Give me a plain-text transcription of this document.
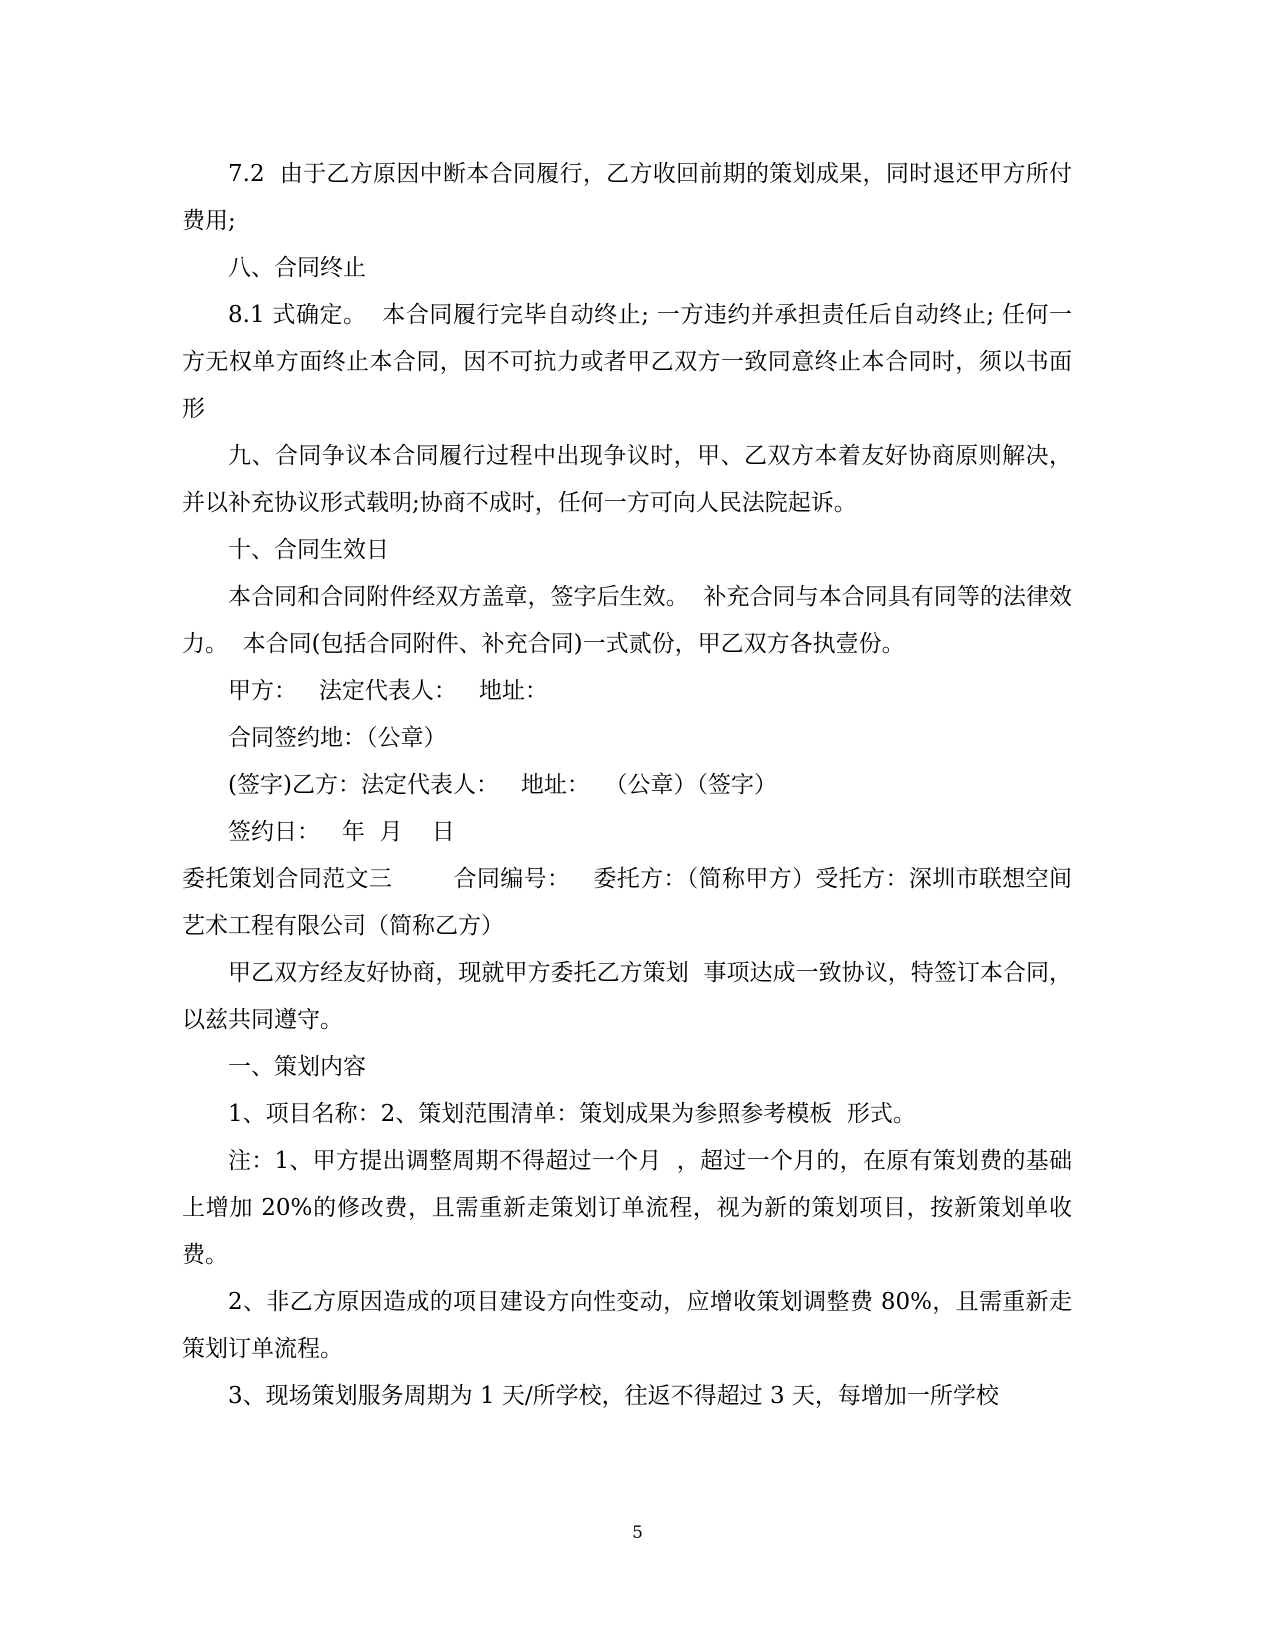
7.2  由于乙方原因中断本合同履行，乙方收回前期的策划成果，同时退还甲方所付费用;

八、合同终止

8.1 式确定。  本合同履行完毕自动终止; 一方违约并承担责任后自动终止; 任何一方无权单方面终止本合同，因不可抗力或者甲乙双方一致同意终止本合同时，须以书面形

九、合同争议本合同履行过程中出现争议时，甲、乙双方本着友好协商原则解决，并以补充协议形式载明;协商不成时，任何一方可向人民法院起诉。

十、合同生效日

本合同和合同附件经双方盖章，签字后生效。  补充合同与本合同具有同等的法律效力。  本合同(包括合同附件、补充合同)一式贰份，甲乙双方各执壹份。

甲方：   法定代表人：   地址：

合同签约地：（公章）

(签字)乙方：法定代表人：   地址：  （公章）（签字）

签约日：   年  月    日

委托策划合同范文三        合同编号：   委托方：（简称甲方）受托方：深圳市联想空间艺术工程有限公司（简称乙方）

甲乙双方经友好协商，现就甲方委托乙方策划  事项达成一致协议，特签订本合同，以兹共同遵守。

一、策划内容

1、项目名称：2、策划范围清单：策划成果为参照参考模板  形式。

注：1、甲方提出调整周期不得超过一个月  ，超过一个月的，在原有策划费的基础上增加 20%的修改费，且需重新走策划订单流程，视为新的策划项目，按新策划单收费。

2、非乙方原因造成的项目建设方向性变动，应增收策划调整费 80%，且需重新走策划订单流程。

3、现场策划服务周期为 1 天/所学校，往返不得超过 3 天，每增加一所学校

5
